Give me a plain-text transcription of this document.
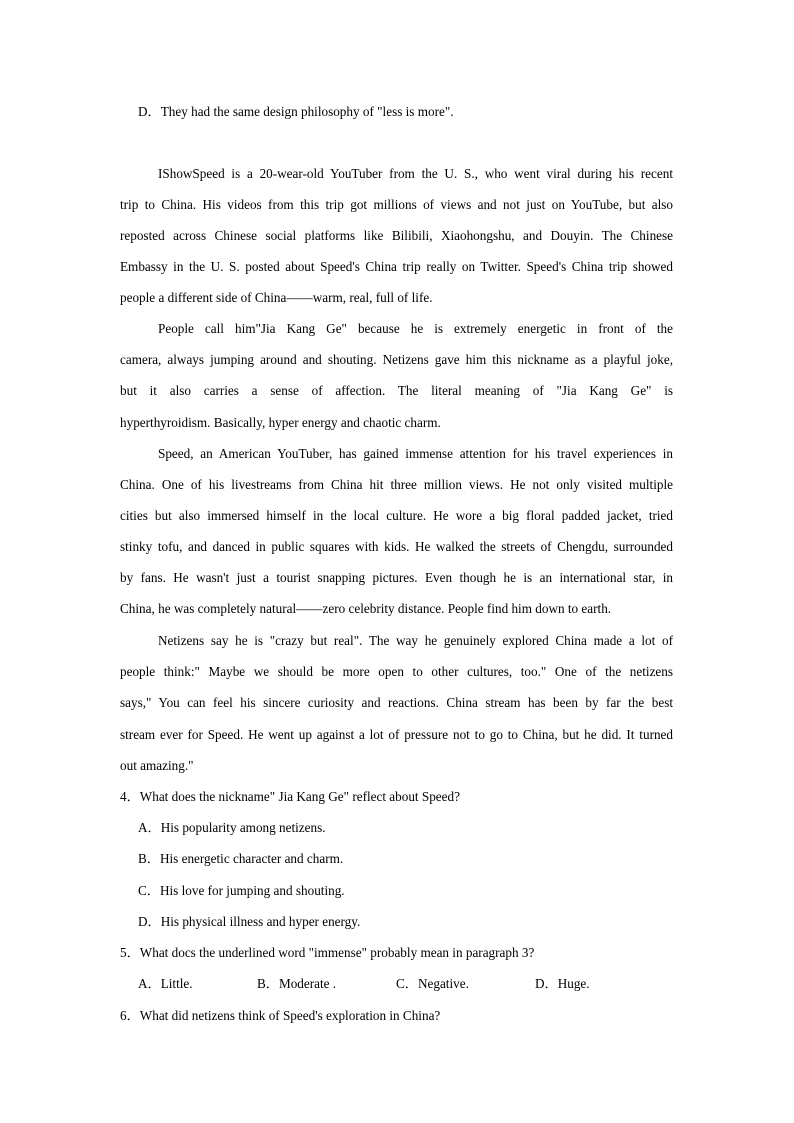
D．They had the same design philosophy of "less is more".
IShowSpeed is a 20-wear-old YouTuber from the U. S., who went viral during his recent
trip to China. His videos from this trip got millions of views and not just on YouTube, but also
reposted across Chinese social platforms like Bilibili, Xiaohongshu, and Douyin. The Chinese
Embassy in the U. S. posted about Speed's China trip really on Twitter. Speed's China trip showed
people a different side of China——warm, real, full of life.
People call him"Jia Kang Ge" because he is extremely energetic in front of the
camera, always jumping around and shouting. Netizens gave him this nickname as a playful joke,
but it also carries a sense of affection. The literal meaning of "Jia Kang Ge" is
hyperthyroidism. Basically, hyper energy and chaotic charm.
Speed, an American YouTuber, has gained immense attention for his travel experiences in
China. One of his livestreams from China hit three million views. He not only visited multiple
cities but also immersed himself in the local culture. He wore a big floral padded jacket, tried
stinky tofu, and danced in public squares with kids. He walked the streets of Chengdu, surrounded
by fans. He wasn't just a tourist snapping pictures. Even though he is an international star, in
China, he was completely natural——zero celebrity distance. People find him down to earth.
Netizens say he is "crazy but real". The way he genuinely explored China made a lot of
people think:" Maybe we should be more open to other cultures, too." One of the netizens
says," You can feel his sincere curiosity and reactions. China stream has been by far the best
stream ever for Speed. He went up against a lot of pressure not to go to China, but he did. It turned
out amazing."
4．What does the nickname" Jia Kang Ge" reflect about Speed?
A．His popularity among netizens.
B．His energetic character and charm.
C．His love for jumping and shouting.
D．His physical illness and hyper energy.
5．What docs the underlined word "immense" probably mean in paragraph 3?
A．Little.	B．Moderate .	C．Negative.	D．Huge.
6．What did netizens think of Speed's exploration in China?
